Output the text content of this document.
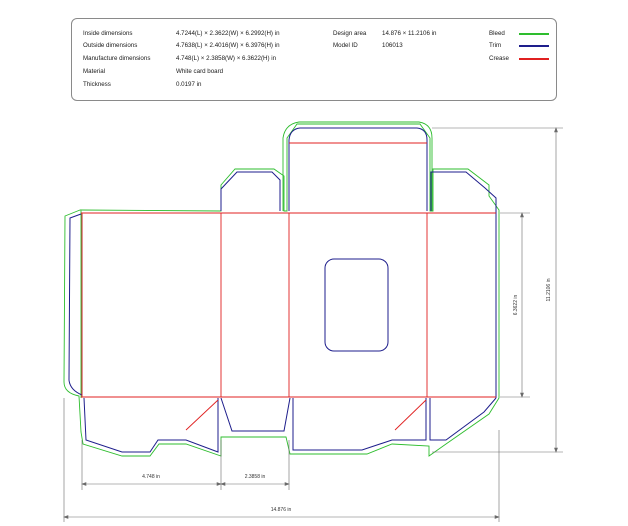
Inside dimensions	4.7244(L) × 2.3622(W) × 6.2992(H) in
Outside dimensions	4.7638(L) × 2.4016(W) × 6.3976(H) in
Manufacture dimensions	4.748(L) × 2.3858(W) × 6.3622(H) in
Material	White card board
Thickness	0.0197 in
Design area	14.876 × 11.2106 in
Model ID	106013
Bleed
Trim
Crease
4.748 in	2.3858 in
14.876 in
6.3622 in
11.2106 in
